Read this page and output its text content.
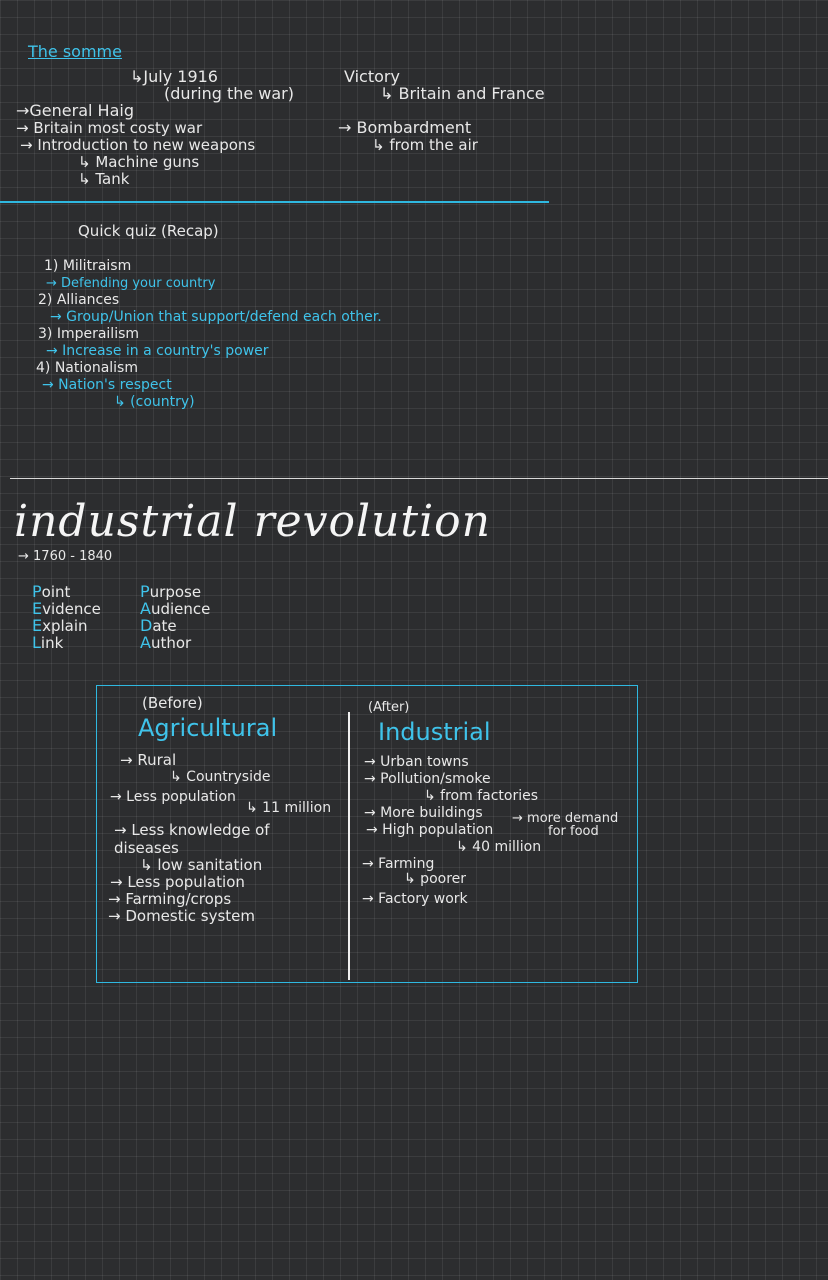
The somme
↳July 1916
(during the war)
Victory
↳ Britain and France
→General Haig
→ Britain most costy war
→ Introduction to new weapons
↳ Machine guns
↳ Tank
→ Bombardment
↳ from the air
Quick quiz (Recap)
1) Militraism
→ Defending your country
2) Alliances
→ Group/Union that support/defend each other.
3) Imperailism
→ Increase in a country's power
4) Nationalism
→ Nation's respect
↳ (country)
industrial revolution
→ 1760 - 1840
Point
Evidence
Explain
Link
Purpose
Audience
Date
Author
(Before)
Agricultural
(After)
Industrial
→ Rural
↳ Countryside
→ Less population
↳ 11 million
→ Less knowledge of
diseases
↳ low sanitation
→ Less population
→ Farming/crops
→ Domestic system
→ Urban towns
→ Pollution/smoke
↳ from factories
→ More buildings
→ High population
→ more demand
for food
↳ 40 million
→ Farming
↳ poorer
→ Factory work
